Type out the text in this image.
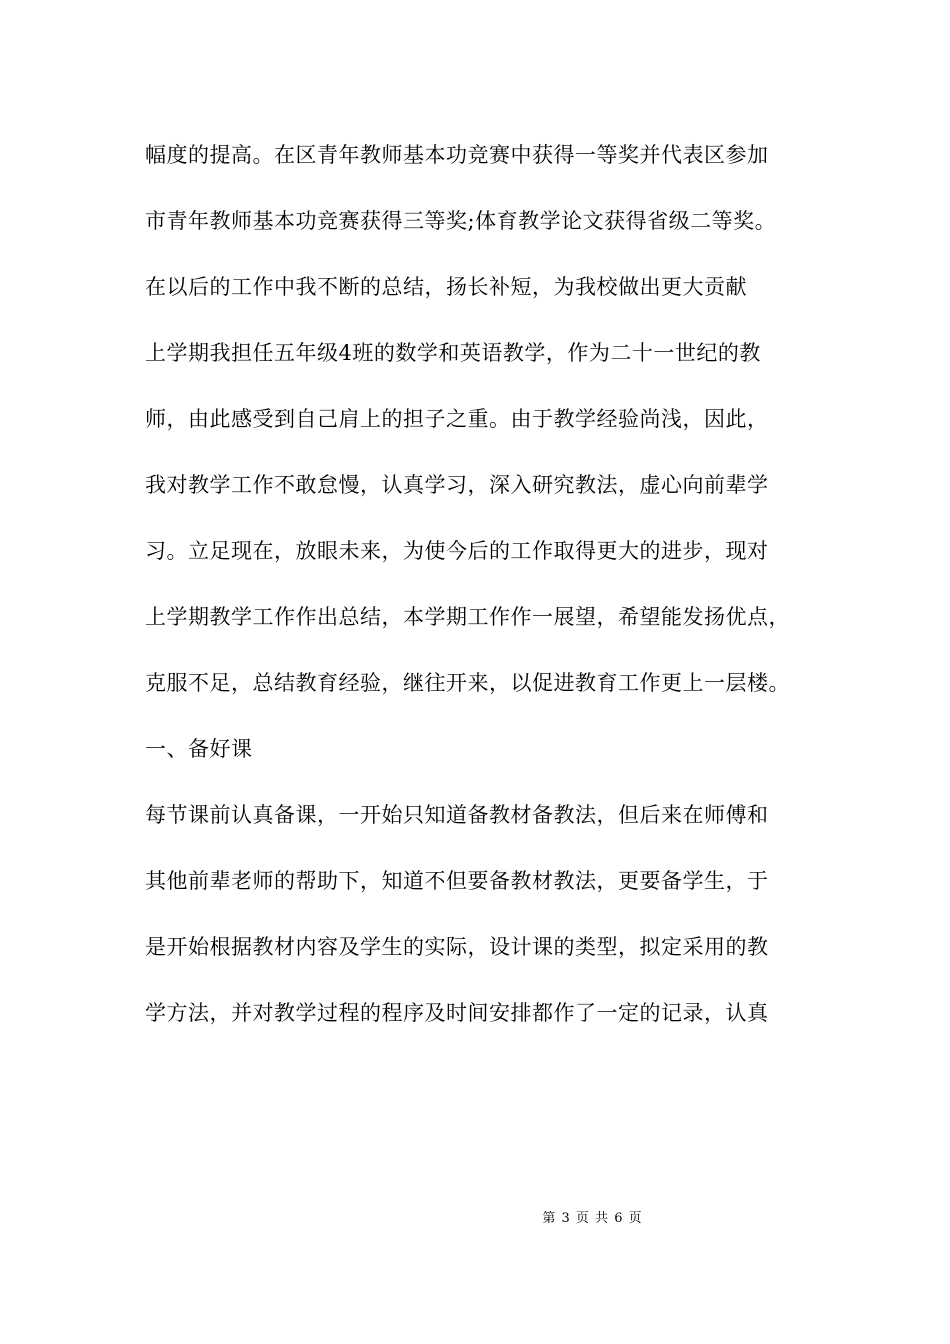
幅度的提高。在区青年教师基本功竞赛中获得一等奖并代表区参加
市青年教师基本功竞赛获得三等奖;体育教学论文获得省级二等奖。
在以后的工作中我不断的总结，扬长补短，为我校做出更大贡献
上学期我担任五年级4班的数学和英语教学，作为二十一世纪的教
师，由此感受到自己肩上的担子之重。由于教学经验尚浅，因此，
我对教学工作不敢怠慢，认真学习，深入研究教法，虚心向前辈学
习。立足现在，放眼未来，为使今后的工作取得更大的进步，现对
上学期教学工作作出总结，本学期工作作一展望，希望能发扬优点，
克服不足，总结教育经验，继往开来，以促进教育工作更上一层楼。
一、备好课
每节课前认真备课，一开始只知道备教材备教法，但后来在师傅和
其他前辈老师的帮助下，知道不但要备教材教法，更要备学生，于
是开始根据教材内容及学生的实际，设计课的类型，拟定采用的教
学方法，并对教学过程的程序及时间安排都作了一定的记录，认真
第 3 页 共 6 页
